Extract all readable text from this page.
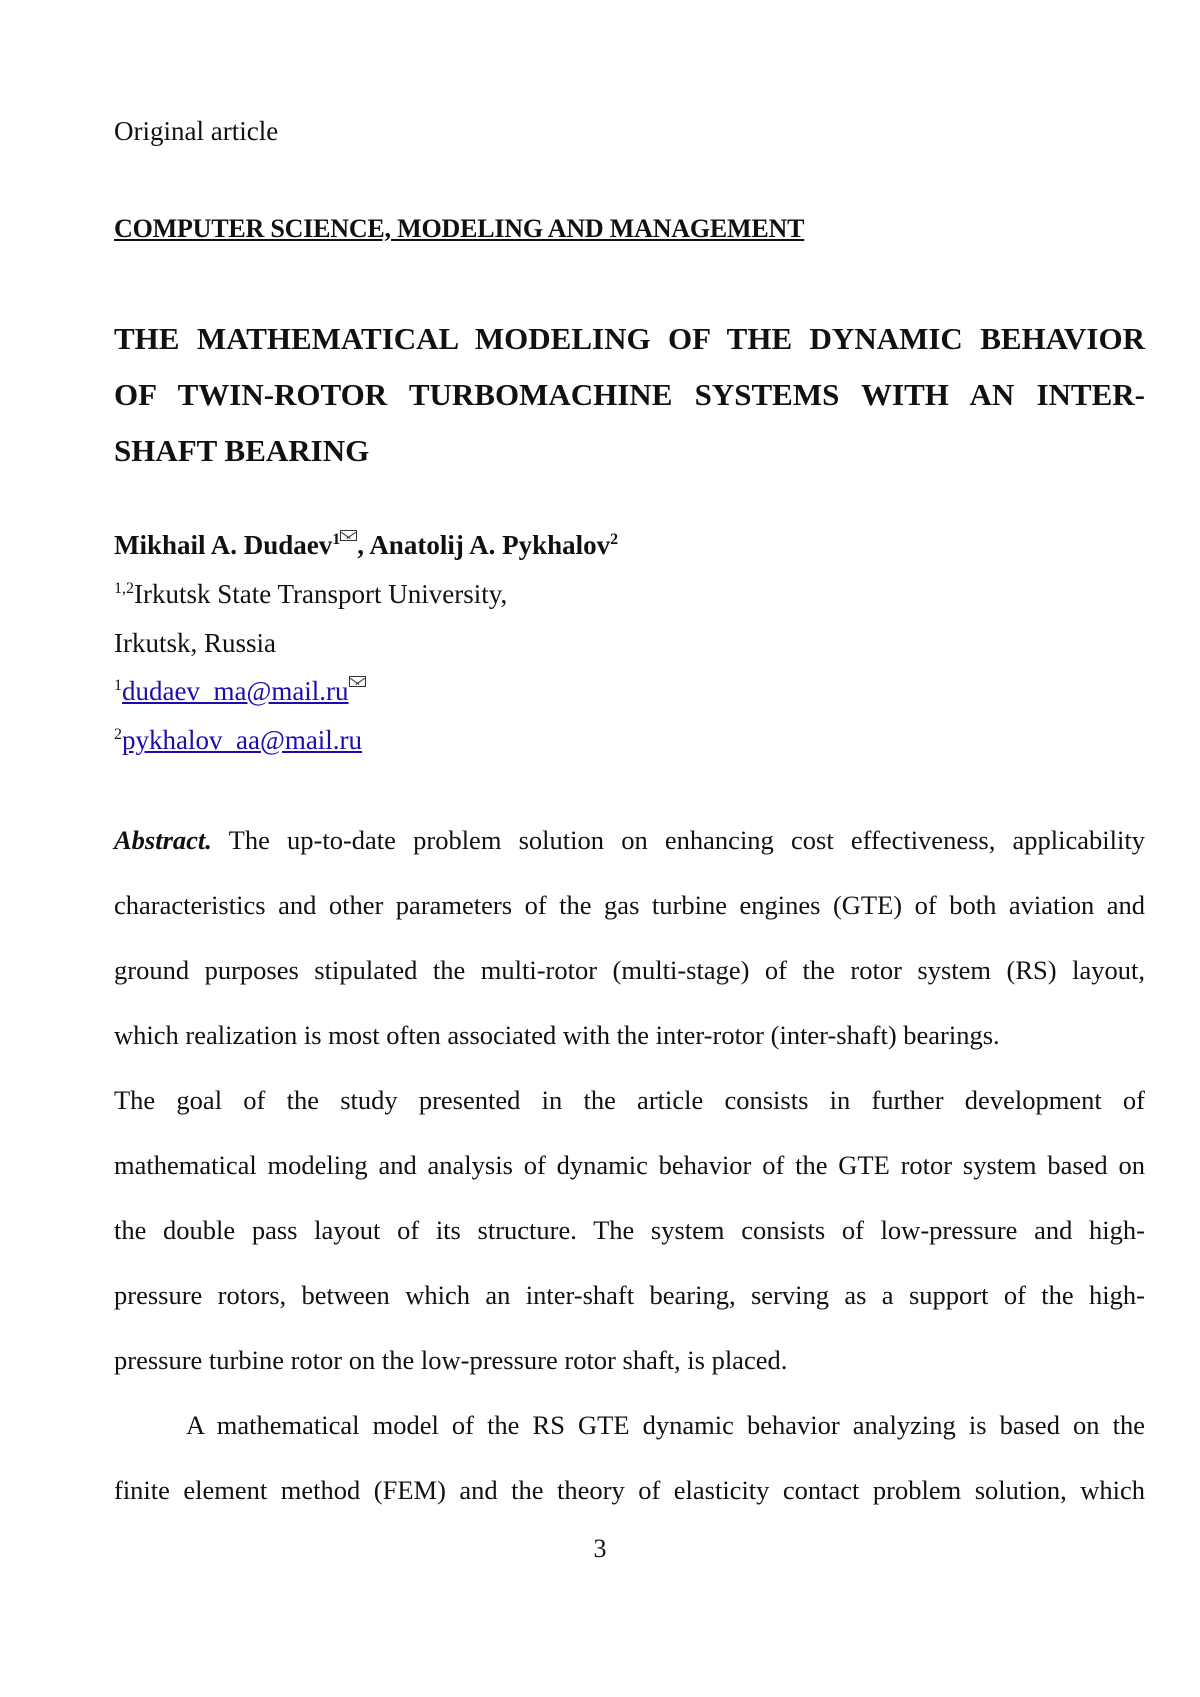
Original article
COMPUTER SCIENCE, MODELING AND MANAGEMENT
THE MATHEMATICAL MODELING OF THE DYNAMIC BEHAVIOR
OF TWIN-ROTOR TURBOMACHINE SYSTEMS WITH AN INTER-
SHAFT BEARING
Mikhail A. Dudaev$^1$ , Anatolij A. Pykhalov$^2$
$^{1,2}$Irkutsk State Transport University,
Irkutsk, Russia
$^1$dudaev_ma@mail.ru
$^2$pykhalov_aa@mail.ru
Abstract. The up-to-date problem solution on enhancing cost effectiveness, applicability
characteristics and other parameters of the gas turbine engines (GTE) of both aviation and
ground purposes stipulated the multi-rotor (multi-stage) of the rotor system (RS) layout,
which realization is most often associated with the inter-rotor (inter-shaft) bearings.
The goal of the study presented in the article consists in further development of
mathematical modeling and analysis of dynamic behavior of the GTE rotor system based on
the double pass layout of its structure. The system consists of low-pressure and high-
pressure rotors, between which an inter-shaft bearing, serving as a support of the high-
pressure turbine rotor on the low-pressure rotor shaft, is placed.
A mathematical model of the RS GTE dynamic behavior analyzing is based on the
finite element method (FEM) and the theory of elasticity contact problem solution, which
3
